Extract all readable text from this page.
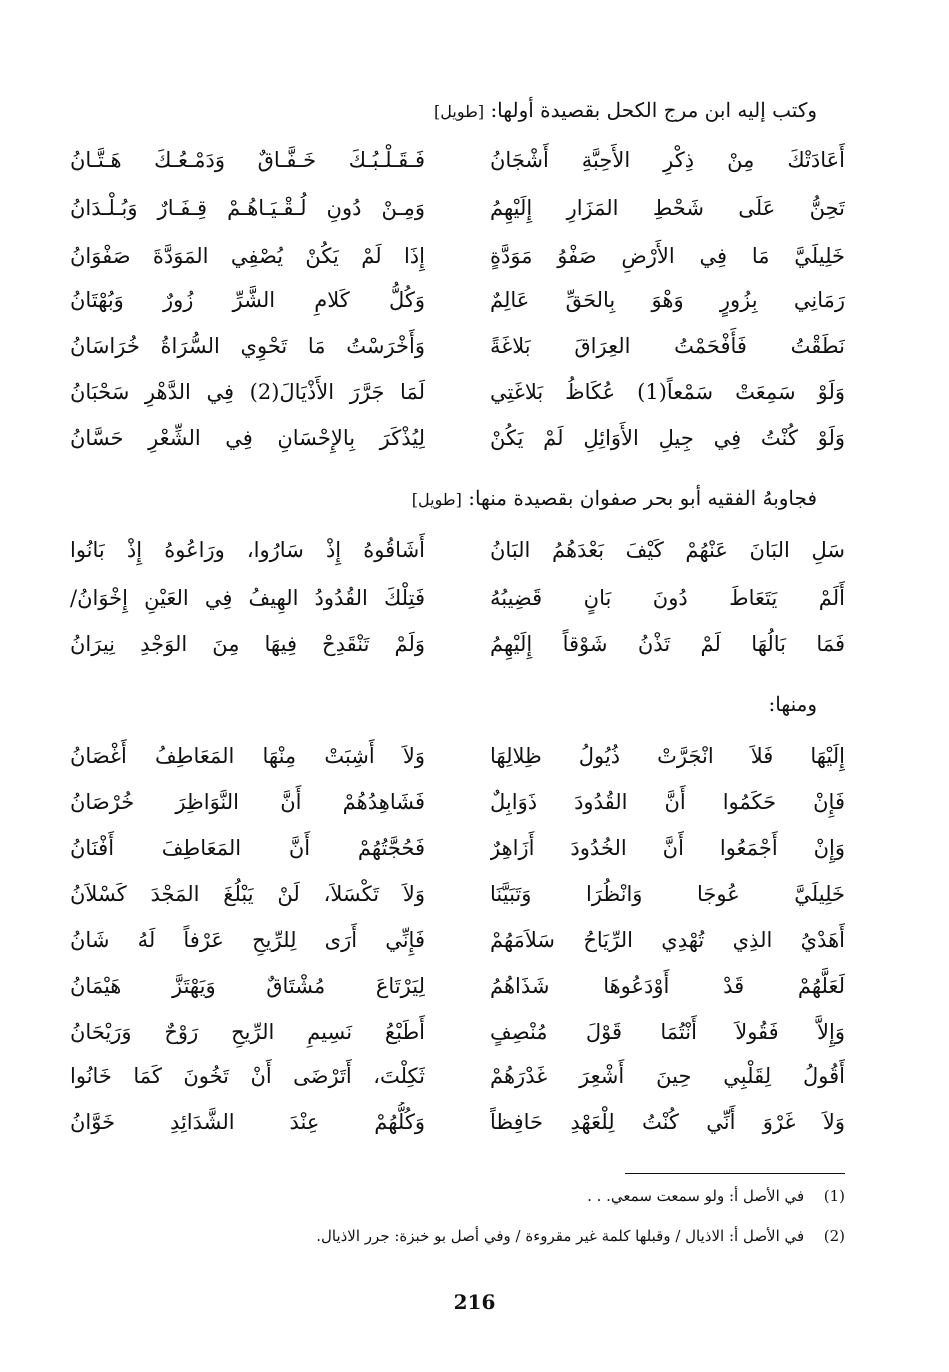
وكتب إليه ابن مرج الكحل بقصيدة أولها: [طويل]
أَعَادَتْكَ مِنْ ذِكْرِ الأَحِبَّةِ أَشْجَانُ
فَـقَـلْـبُـكَ خَـفَّـاقٌ وَدَمْـعُـكَ هَـتَّـانُ
تَحِنُّ عَلَى شَحْطِ المَزَارِ إِلَيْهِمُ
وَمِـنْ دُونِ لُـقْـيَـاهُـمْ قِـفَـارٌ وَبُـلْـدَانُ
خَلِيلَيَّ مَا فِي الأَرْضِ صَفْوُ مَوَدَّةٍ
إِذَا لَمْ يَكُنْ يُصْفِي المَوَدَّةَ صَفْوَانُ
رَمَانِي بِزُورٍ وَهْوَ بِالحَقِّ عَالِمٌ
وَكُلُّ كَلامِ الشَّرِّ زُورٌ وَبُهْتَانُ
نَطَقْتُ فَأَفْحَمْتُ العِرَاقَ بَلاغَةً
وَأَخْرَسْتُ مَا تَحْوِي السُّرَاةُ خُرَاسَانُ
وَلَوْ سَمِعَتْ سَمْعاً(1) عُكَاظُ بَلاغَتِي
لَمَا جَرَّرَ الأَذْيَالَ(2) فِي الدَّهْرِ سَحْبَانُ
وَلَوْ كُنْتُ فِي جِيلِ الأَوَائِلِ لَمْ يَكُنْ
لِيُذْكَرَ بِالإِحْسَانِ فِي الشِّعْرِ حَسَّانُ
فجاوبهُ الفقيه أبو بحر صفوان بقصيدة منها: [طويل]
سَلِ البَانَ عَنْهُمْ كَيْفَ بَعْدَهُمُ البَانُ
أَشَاقُوهُ إِذْ سَارُوا، ورَاعُوهُ إِذْ بَانُوا
أَلَمْ يَتَعَاطَ دُونَ بَانٍ قَضِيبُهُ
فَتِلْكَ القُدُودُ الهِيفُ فِي العَيْنِ إِخْوَانُ/
فَمَا بَالُهَا لَمْ تَذْنُ شَوْقاً إِلَيْهِمُ
وَلَمْ تَنْقَدِحْ فِيهَا مِنَ الوَجْدِ نِيرَانُ
ومنها:
إِلَيْهَا فَلاَ انْجَرَّتْ ذُيُولُ ظِلالِهَا
وَلاَ أَشِبَتْ مِنْهَا المَعَاطِفُ أَغْصَانُ
فَإِنْ حَكَمُوا أَنَّ القُدُودَ ذَوَابِلٌ
فَشَاهِدُهُمْ أَنَّ النَّوَاظِرَ خُرْصَانُ
وَإِنْ أَجْمَعُوا أَنَّ الخُدُودَ أَزَاهِرٌ
فَحُجَّتُهُمْ أَنَّ المَعَاطِفَ أَفْنَانُ
خَلِيلَيَّ عُوجَا وَانْظُرَا وَتَبَيَّنَا
وَلاَ تَكْسَلاَ، لَنْ يَبْلُغَ المَجْدَ كَسْلاَنُ
أَهَدْيُ الذِي تُهْدِي الرِّيَاحُ سَلاَمَهُمْ
فَإِنِّي أَرَى لِلرِّيحِ عَرْفاً لَهُ شَانُ
لَعَلَّهُمْ قَدْ أَوْدَعُوهَا شَذَاهُمُ
لِيَرْتَاعَ مُشْتَاقٌ وَيَهْتَزَّ هَيْمَانُ
وَإِلاَّ فَقُولاَ أَنْتُمَا قَوْلَ مُنْصِفٍ
أَطَبْعُ نَسِيمِ الرِّيحِ رَوْحٌ وَرَيْحَانُ
أَقُولُ لِقَلْبِي حِينَ أَشْعِرَ غَدْرَهُمْ
ثَكِلْتَ، أَتَرْضَى أَنْ تَخُونَ كَمَا خَانُوا
وَلاَ غَرْوَ أَنِّي كُنْتُ لِلْعَهْدِ حَافِظاً
وَكُلُّهُمْ عِنْدَ الشَّدَائِدِ خَوَّانُ
(1) في الأصل أ: ولو سمعت سمعي. . .
(2) في الأصل أ: الاذيال / وقبلها كلمة غير مقروءة / وفي أصل بو خبزة: جرر الاذيال.
216
